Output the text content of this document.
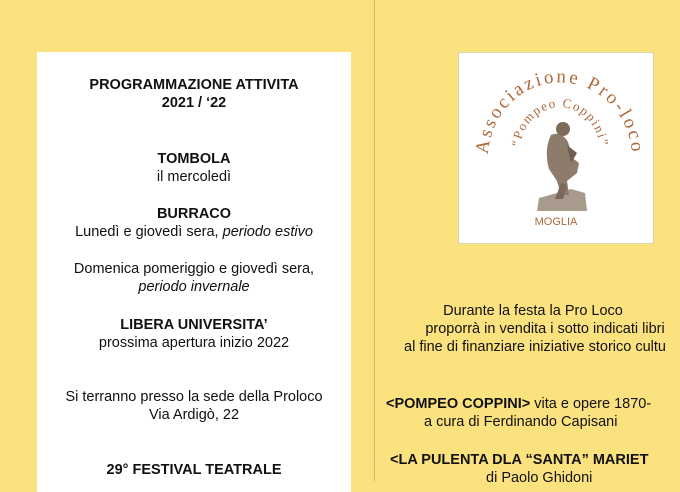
PROGRAMMAZIONE ATTIVITA
2021 / ‘22
TOMBOLA
il mercoledì
BURRACO
Lunedì e giovedì sera, periodo estivo
Domenica pomeriggio e giovedì sera,
periodo invernale
LIBERA UNIVERSITA’
prossima apertura inizio 2022
Si terranno presso la sede della Proloco
Via Ardigò, 22
29° FESTIVAL TEATRALE
Associazione Pro-loco
“Pompeo Coppini”
MOGLIA
Durante la festa la Pro Loco
proporrà in vendita i sotto indicati libri
al fine di finanziare iniziative storico cultu
<POMPEO COPPINI> vita e opere 1870-
a cura di Ferdinando Capisani
<LA PULENTA DLA “SANTA” MARIET
di Paolo Ghidoni
